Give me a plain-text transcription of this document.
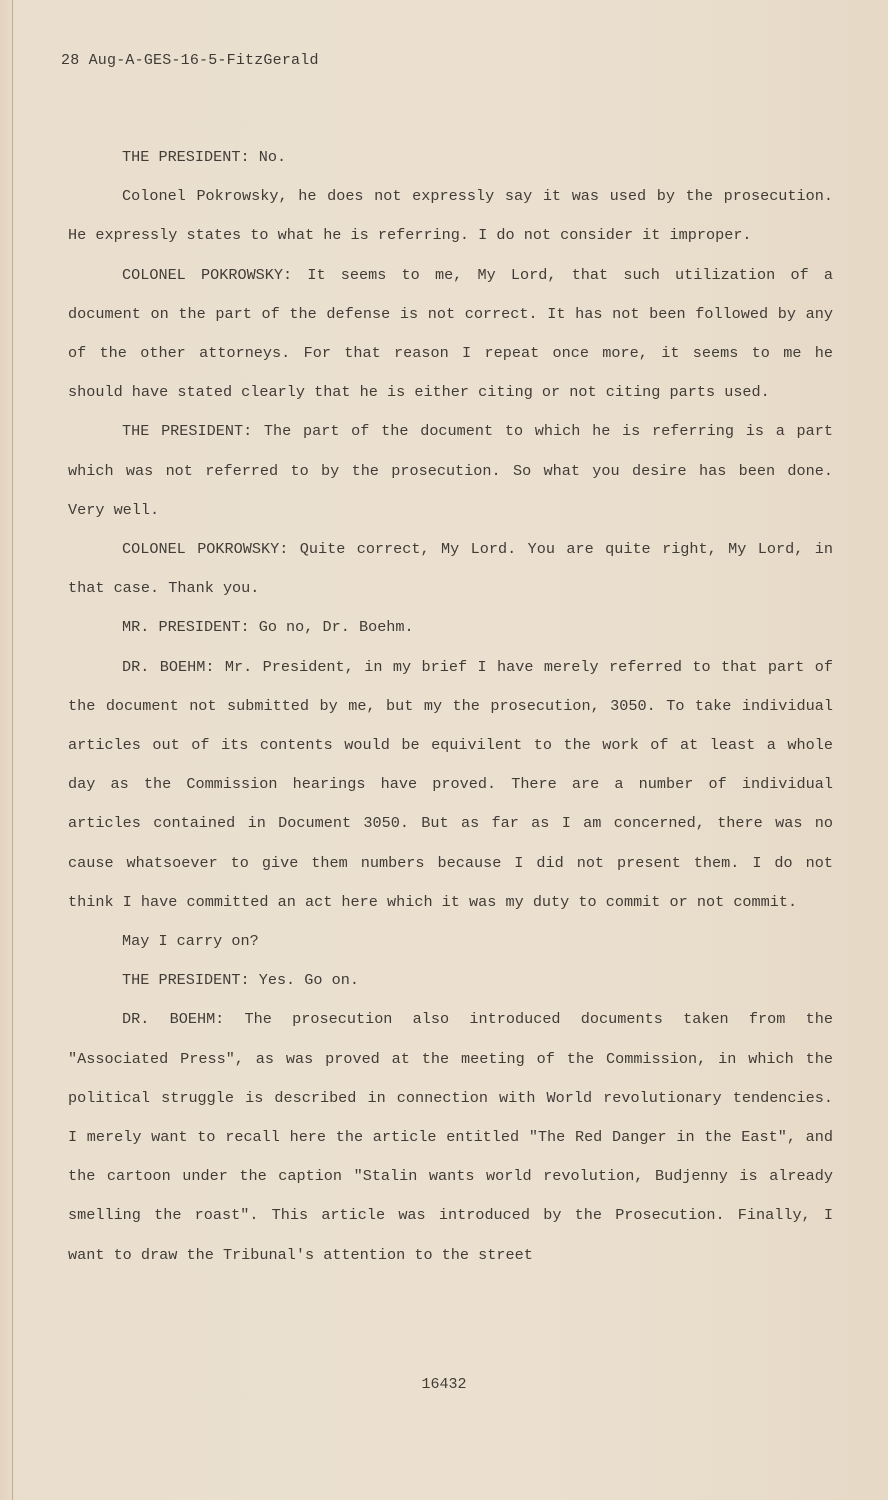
28 Aug-A-GES-16-5-FitzGerald

THE PRESIDENT: No.

Colonel Pokrowsky, he does not expressly say it was used by the prosecution. He expressly states to what he is referring. I do not consider it improper.

COLONEL POKROWSKY: It seems to me, My Lord, that such utilization of a document on the part of the defense is not correct. It has not been followed by any of the other attorneys. For that reason I repeat once more, it seems to me he should have stated clearly that he is either citing or not citing parts used.

THE PRESIDENT: The part of the document to which he is referring is a part which was not referred to by the prosecution. So what you desire has been done. Very well.

COLONEL POKROWSKY: Quite correct, My Lord. You are quite right, My Lord, in that case. Thank you.

MR. PRESIDENT: Go no, Dr. Boehm.

DR. BOEHM: Mr. President, in my brief I have merely referred to that part of the document not submitted by me, but my the prosecution, 3050. To take individual articles out of its contents would be equivilent to the work of at least a whole day as the Commission hearings have proved. There are a number of individual articles contained in Document 3050. But as far as I am concerned, there was no cause whatsoever to give them numbers because I did not present them. I do not think I have committed an act here which it was my duty to commit or not commit.

May I carry on?

THE PRESIDENT: Yes. Go on.

DR. BOEHM: The prosecution also introduced documents taken from the "Associated Press", as was proved at the meeting of the Commission, in which the political struggle is described in connection with World revolutionary tendencies. I merely want to recall here the article entitled "The Red Danger in the East", and the cartoon under the caption "Stalin wants world revolution, Budjenny is already smelling the roast". This article was introduced by the Prosecution. Finally, I want to draw the Tribunal's attention to the street

16432
